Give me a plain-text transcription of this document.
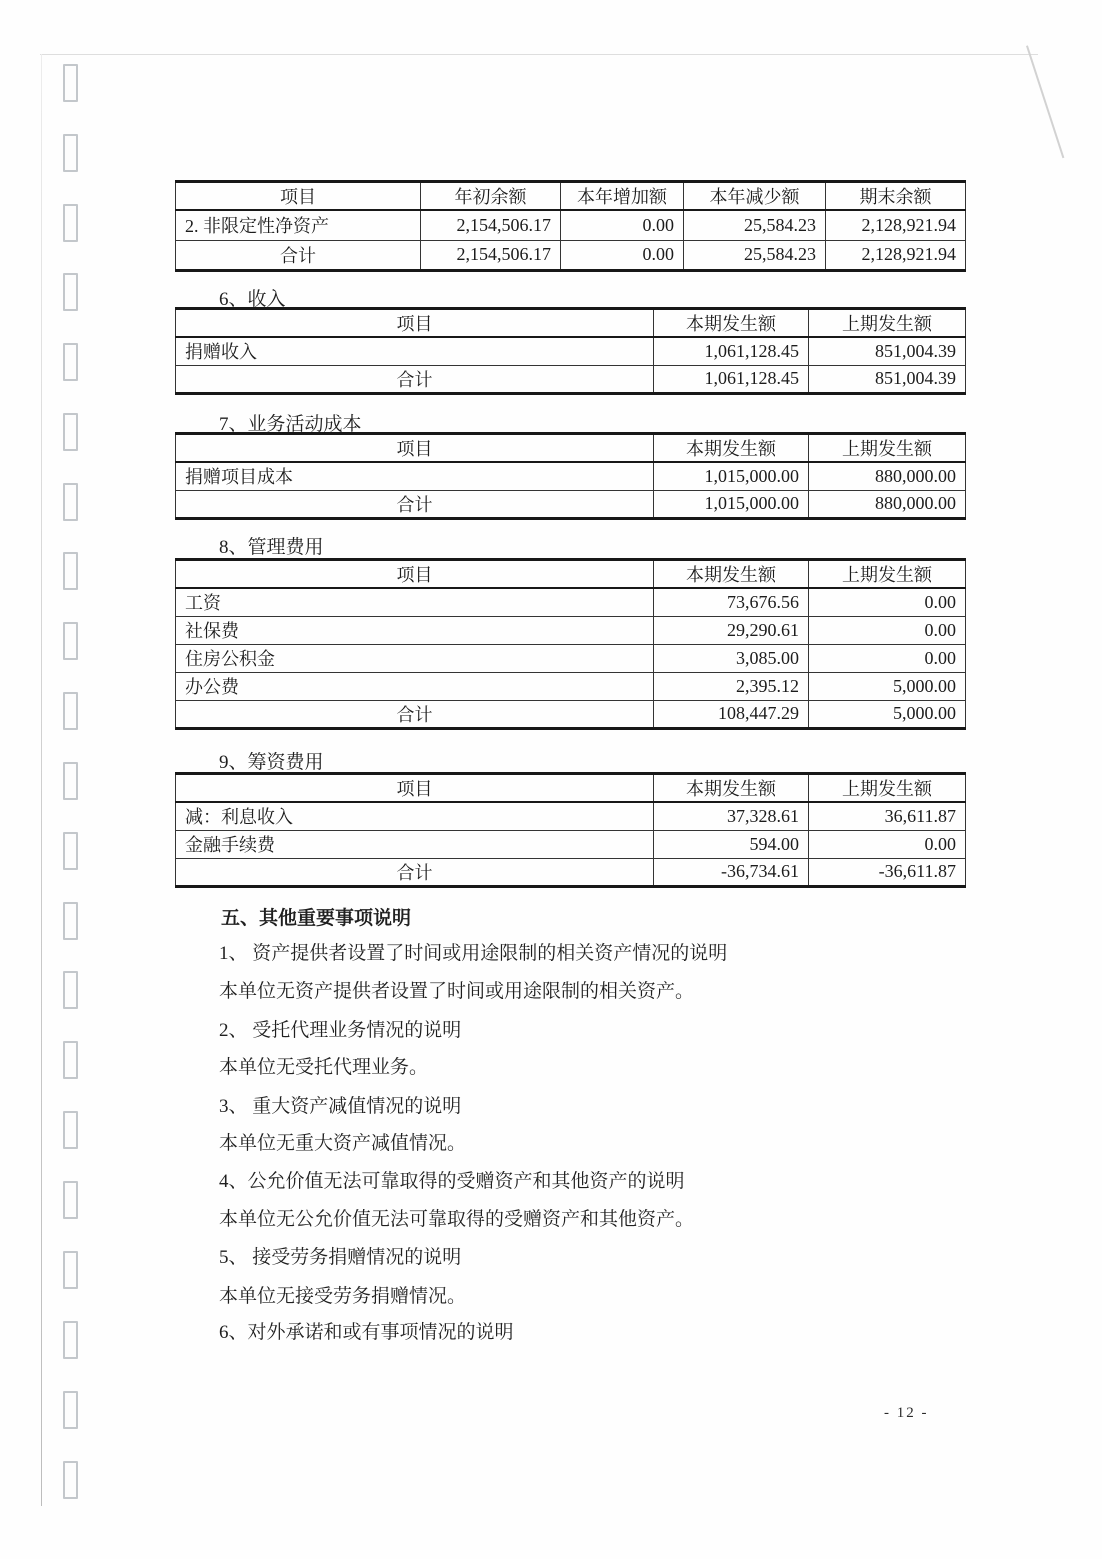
项目	年初余额	本年增加额	本年减少额	期末余额
2. 非限定性净资产	2,154,506.17	0.00	25,584.23	2,128,921.94
合计	2,154,506.17	0.00	25,584.23	2,128,921.94
6、收入
项目	本期发生额	上期发生额
捐赠收入	1,061,128.45	851,004.39
合计	1,061,128.45	851,004.39
7、业务活动成本
项目	本期发生额	上期发生额
捐赠项目成本	1,015,000.00	880,000.00
合计	1,015,000.00	880,000.00
8、管理费用
项目	本期发生额	上期发生额
工资	73,676.56	0.00
社保费	29,290.61	0.00
住房公积金	3,085.00	0.00
办公费	2,395.12	5,000.00
合计	108,447.29	5,000.00
9、筹资费用
项目	本期发生额	上期发生额
减：利息收入	37,328.61	36,611.87
金融手续费	594.00	0.00
合计	-36,734.61	-36,611.87
五、其他重要事项说明
1、 资产提供者设置了时间或用途限制的相关资产情况的说明
本单位无资产提供者设置了时间或用途限制的相关资产。
2、 受托代理业务情况的说明
本单位无受托代理业务。
3、 重大资产减值情况的说明
本单位无重大资产减值情况。
4、公允价值无法可靠取得的受赠资产和其他资产的说明
本单位无公允价值无法可靠取得的受赠资产和其他资产。
5、 接受劳务捐赠情况的说明
本单位无接受劳务捐赠情况。
6、对外承诺和或有事项情况的说明
- 12 -
